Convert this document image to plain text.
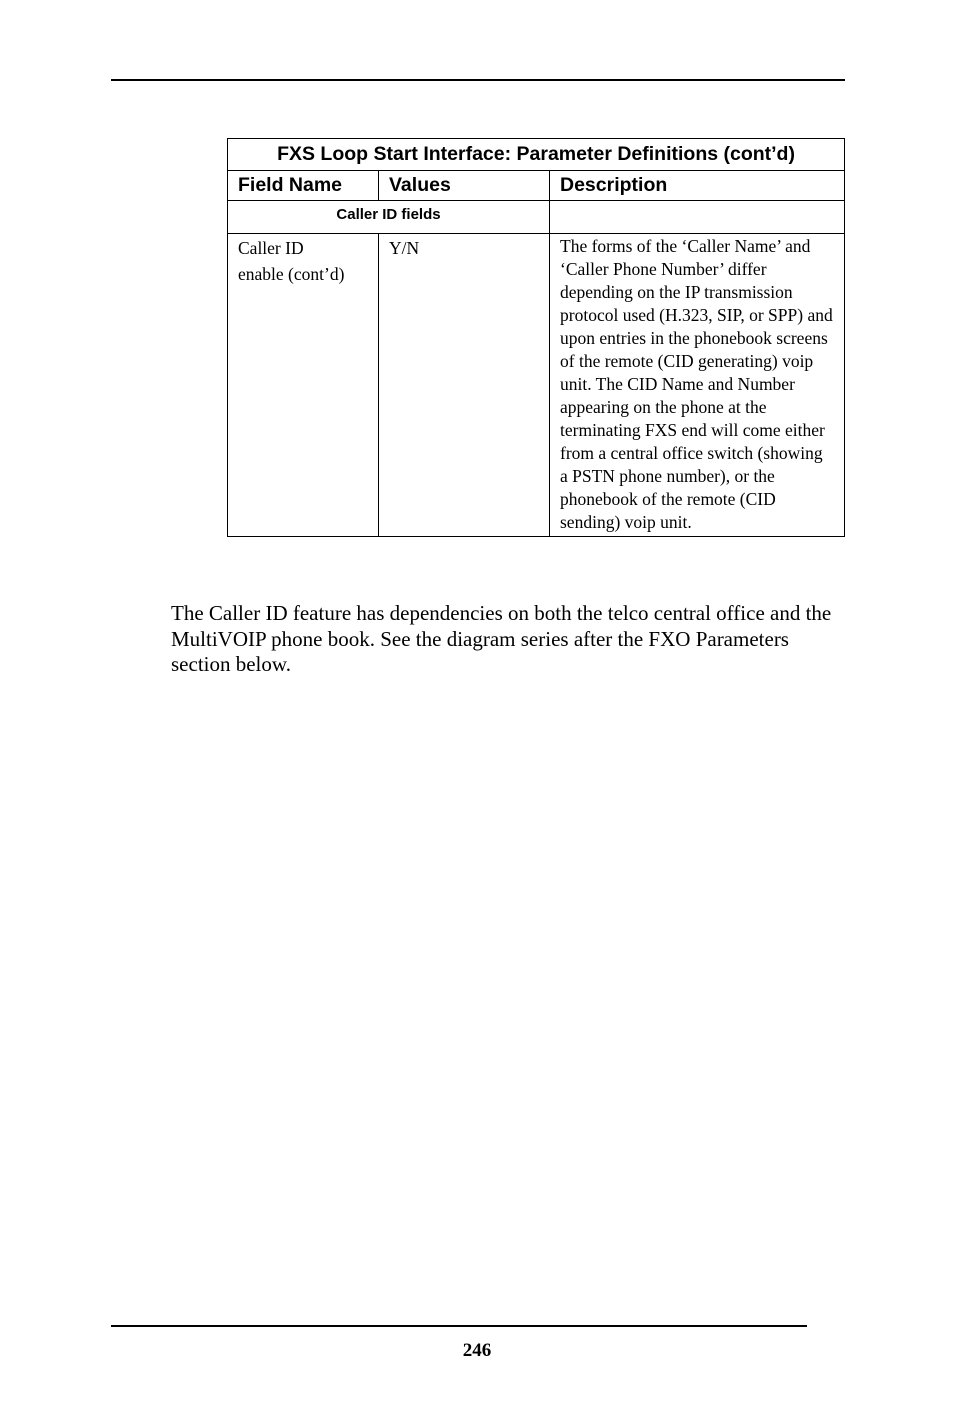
FXS Loop Start Interface: Parameter Definitions (cont’d)		
Field Name	Values	Description
Caller ID fields		

Caller ID
enable (cont’d)	Y/N	The forms of the ‘Caller Name’ and ‘Caller Phone Number’ differ depending on the IP transmission protocol used (H.323, SIP, or SPP) and upon entries in the phonebook screens of the remote (CID generating) voip unit. The CID Name and Number appearing on the phone at the terminating FXS end will come either from a central office switch (showing a PSTN phone number), or the phonebook of the remote (CID sending) voip unit.

The Caller ID feature has dependencies on both the telco central office and the MultiVOIP phone book. See the diagram series after the FXO Parameters section below.

246
